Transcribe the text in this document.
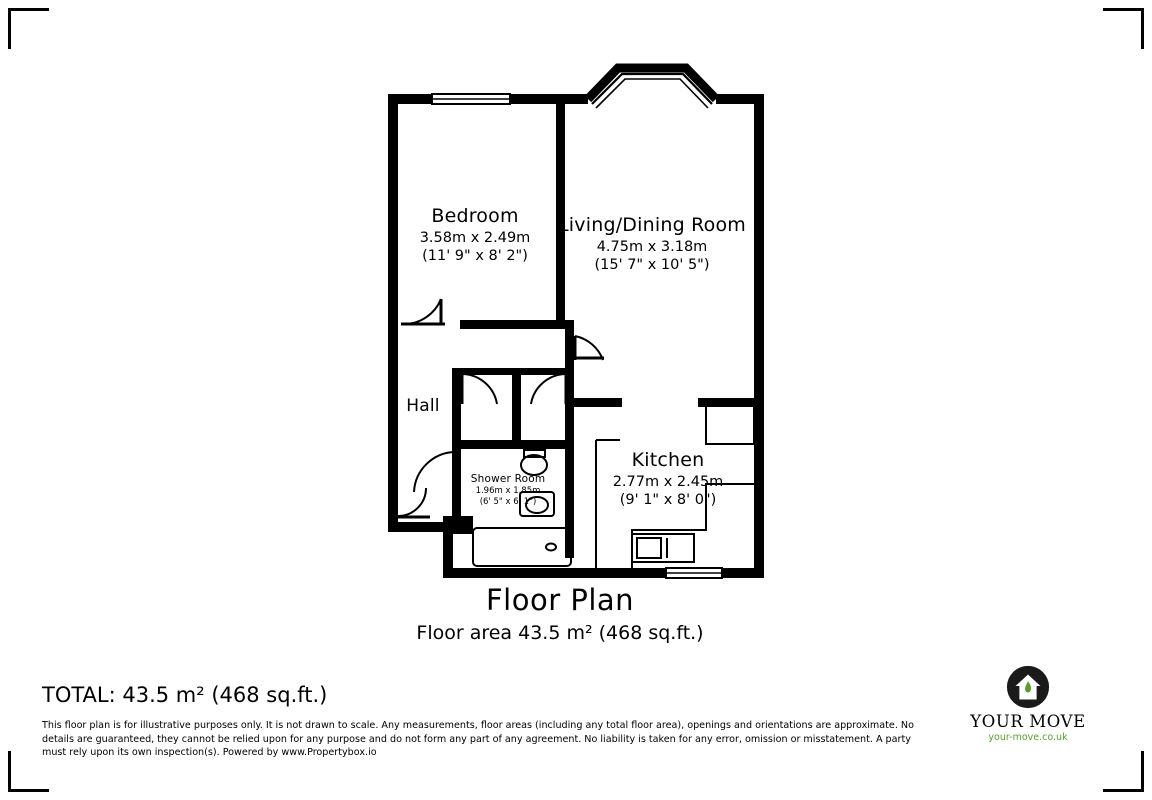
Bedroom
3.58m x 2.49m
(11' 9" x 8' 2")
Living/Dining Room
4.75m x 3.18m
(15' 7" x 10' 5")
Kitchen
2.77m x 2.45m
(9' 1" x 8' 0")
Shower Room
1.96m x 1.85m
(6' 5" x 6' 1")
Hall
Floor Plan
Floor area 43.5 m² (468 sq.ft.)
TOTAL: 43.5 m² (468 sq.ft.)
This floor plan is for illustrative purposes only. It is not drawn to scale. Any measurements, floor areas (including any total floor area), openings and orientations are approximate. No details are guaranteed, they cannot be relied upon for any purpose and do not form any part of any agreement. No liability is taken for any error, omission or misstatement. A party must rely upon its own inspection(s). Powered by www.Propertybox.io
YOUR MOVE
your-move.co.uk
